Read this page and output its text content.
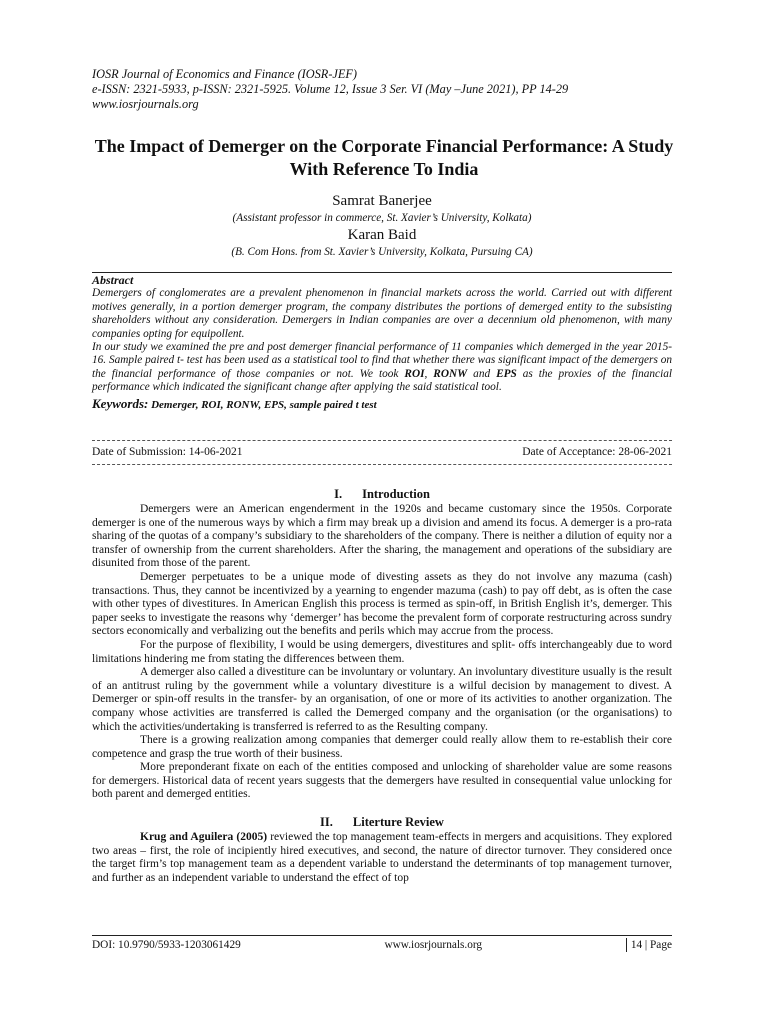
IOSR Journal of Economics and Finance (IOSR-JEF)
e-ISSN: 2321-5933, p-ISSN: 2321-5925. Volume 12, Issue 3 Ser. VI (May –June 2021), PP 14-29
www.iosrjournals.org
The Impact of Demerger on the Corporate Financial Performance: A Study With Reference To India
Samrat Banerjee
(Assistant professor in commerce, St. Xavier’s University, Kolkata)
Karan Baid
(B. Com Hons. from St. Xavier’s University, Kolkata, Pursuing CA)
Abstract

Demergers of conglomerates are a prevalent phenomenon in financial markets across the world. Carried out with different motives generally, in a portion demerger program, the company distributes the portions of demerged entity to the subsisting shareholders without any consideration. Demergers in Indian companies are over a decennium old phenomenon, with many companies opting for equipollent.

In our study we examined the pre and post demerger financial performance of 11 companies which demerged in the year 2015-16. Sample paired t- test has been used as a statistical tool to find that whether there was significant impact of the demergers on the financial performance of those companies or not. We took ROI, RONW and EPS as the proxies of the financial performance which indicated the significant change after applying the said statistical tool.

Keywords: Demerger, ROI, RONW, EPS, sample paired t test
Date of Submission: 14-06-2021	Date of Acceptance: 28-06-2021
I. Introduction

Demergers were an American engenderment in the 1920s and became customary since the 1950s. Corporate demerger is one of the numerous ways by which a firm may break up a division and amend its focus. A demerger is a pro-rata sharing of the quotas of a company’s subsidiary to the shareholders of the company. There is neither a dilution of equity nor a transfer of ownership from the current shareholders. After the sharing, the management and operations of the subsidiary are disunited from those of the parent.

Demerger perpetuates to be a unique mode of divesting assets as they do not involve any mazuma (cash) transactions. Thus, they cannot be incentivized by a yearning to engender mazuma (cash) to pay off debt, as is often the case with other types of divestitures. In American English this process is termed as spin-off, in British English it’s, demerger. This paper seeks to investigate the reasons why ‘demerger’ has become the prevalent form of corporate restructuring across sundry sectors economically and verbalizing out the benefits and perils which may accrue from the process.

For the purpose of flexibility, I would be using demergers, divestitures and split- offs interchangeably due to word limitations hindering me from stating the differences between them.

A demerger also called a divestiture can be involuntary or voluntary. An involuntary divestiture usually is the result of an antitrust ruling by the government while a voluntary divestiture is a wilful decision by management to divest. A Demerger or spin-off results in the transfer- by an organisation, of one or more of its activities to another organization. The company whose activities are transferred is called the Demerged company and the organisation (or the organisations) to which the activities/undertaking is transferred is referred to as the Resulting company.

There is a growing realization among companies that demerger could really allow them to re-establish their core competence and grasp the true worth of their business.

More preponderant fixate on each of the entities composed and unlocking of shareholder value are some reasons for demergers. Historical data of recent years suggests that the demergers have resulted in consequential value unlocking for both parent and demerged entities.

II. Literture Review

Krug and Aguilera (2005) reviewed the top management team-effects in mergers and acquisitions. They explored two areas – first, the role of incipiently hired executives, and second, the nature of director turnover. They considered once the target firm’s top management team as a dependent variable to understand the determinants of top management turnover, and further as an independent variable to understand the effect of top

DOI: 10.9790/5933-1203061429	www.iosrjournals.org	14 | Page
